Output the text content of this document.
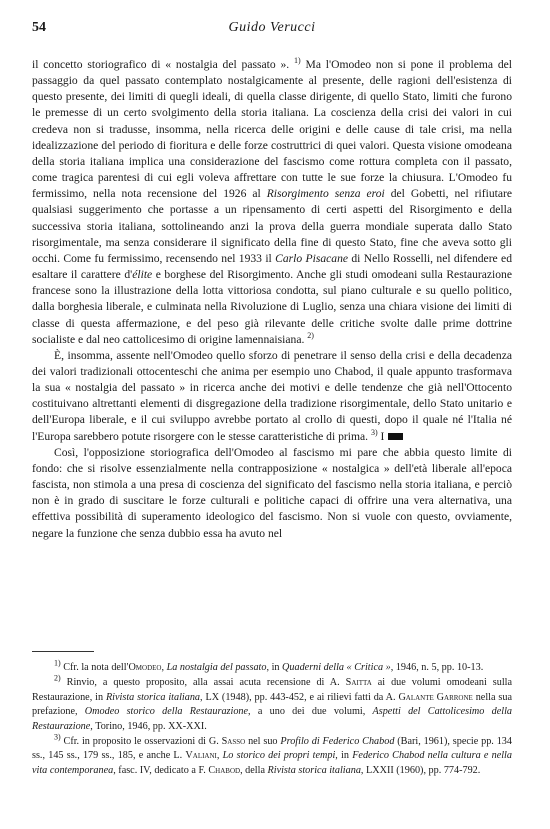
54	Guido Verucci

il concetto storiografico di « nostalgia del passato ». $^{1)}$ Ma l'Omodeo non si pone il problema del passaggio da quel passato contemplato nostalgicamente al presente, delle ragioni dell'esistenza di questo presente, dei limiti di quegli ideali, di quella classe dirigente, di quello Stato, limiti che furono le premesse di un certo svolgimento della storia italiana. La coscienza della crisi dei valori in cui credeva non si tradusse, insomma, nella ricerca delle origini e delle cause di tale crisi, ma nella idealizzazione del periodo di fioritura e delle forze costruttrici di quei valori. Questa visione omodeana della storia italiana implica una considerazione del fascismo come rottura completa con il passato, come tragica parentesi di cui egli voleva affrettare con tutte le sue forze la chiusura. L'Omodeo fu fermissimo, nella nota recensione del 1926 al Risorgimento senza eroi del Gobetti, nel rifiutare qualsiasi suggerimento che portasse a un ripensamento di certi aspetti del Risorgimento e della successiva storia italiana, sottolineando anzi la prova della guerra mondiale superata dallo Stato risorgimentale, ma senza considerare il significato della fine di questo Stato, fine che aveva sotto gli occhi. Come fu fermissimo, recensendo nel 1933 il Carlo Pisacane di Nello Rosselli, nel difendere ed esaltare il carattere d'élite e borghese del Risorgimento. Anche gli studi omodeani sulla Restaurazione francese sono la illustrazione della lotta vittoriosa condotta, sul piano culturale e su quello politico, dalla borghesia liberale, e culminata nella Rivoluzione di Luglio, senza una chiara visione dei limiti di classe di questa affermazione, e del peso già rilevante delle critiche svolte dalle prime dottrine socialiste e dal neo cattolicesimo di origine lamennaisiana. $^{2)}$

È, insomma, assente nell'Omodeo quello sforzo di penetrare il senso della crisi e della decadenza dei valori tradizionali ottocenteschi che anima per esempio uno Chabod, il quale appunto trasformava la sua « nostalgia del passato » in ricerca anche dei motivi e delle tendenze che già nell'Ottocento costituivano altrettanti elementi di disgregazione della tradizione risorgimentale, dello Stato unitario e dell'Europa liberale, e il cui sviluppo avrebbe portato al crollo di questi, dopo il quale né l'Italia né l'Europa sarebbero potute risorgere con le stesse caratteristiche di prima. $^{3)}$ I

Così, l'opposizione storiografica dell'Omodeo al fascismo mi pare che abbia questo limite di fondo: che si risolve essenzialmente nella contrapposizione « nostalgica » dell'età liberale all'epoca fascista, non stimola a una presa di coscienza del significato del fascismo nella storia italiana, e perciò non è in grado di suscitare le forze culturali e politiche capaci di offrire una vera alternativa, una effettiva possibilità di superamento ideologico del fascismo. Non si vuole con questo, ovviamente, negare la funzione che senza dubbio essa ha avuto nel

$^{1)}$ Cfr. la nota dell'Omodeo, La nostalgia del passato, in Quaderni della « Critica », 1946, n. 5, pp. 10-13.

$^{2)}$ Rinvio, a questo proposito, alla assai acuta recensione di A. Saitta ai due volumi omodeani sulla Restaurazione, in Rivista storica italiana, LX (1948), pp. 443-452, e ai rilievi fatti da A. Galante Garrone nella sua prefazione, Omodeo storico della Restaurazione, a uno dei due volumi, Aspetti del Cattolicesimo della Restaurazione, Torino, 1946, pp. XX-XXI.

$^{3)}$ Cfr. in proposito le osservazioni di G. Sasso nel suo Profilo di Federico Chabod (Bari, 1961), specie pp. 134 ss., 145 ss., 179 ss., 185, e anche L. Valiani, Lo storico dei propri tempi, in Federico Chabod nella cultura e nella vita contemporanea, fasc. IV, dedicato a F. Chabod, della Rivista storica italiana, LXXII (1960), pp. 774-792.
